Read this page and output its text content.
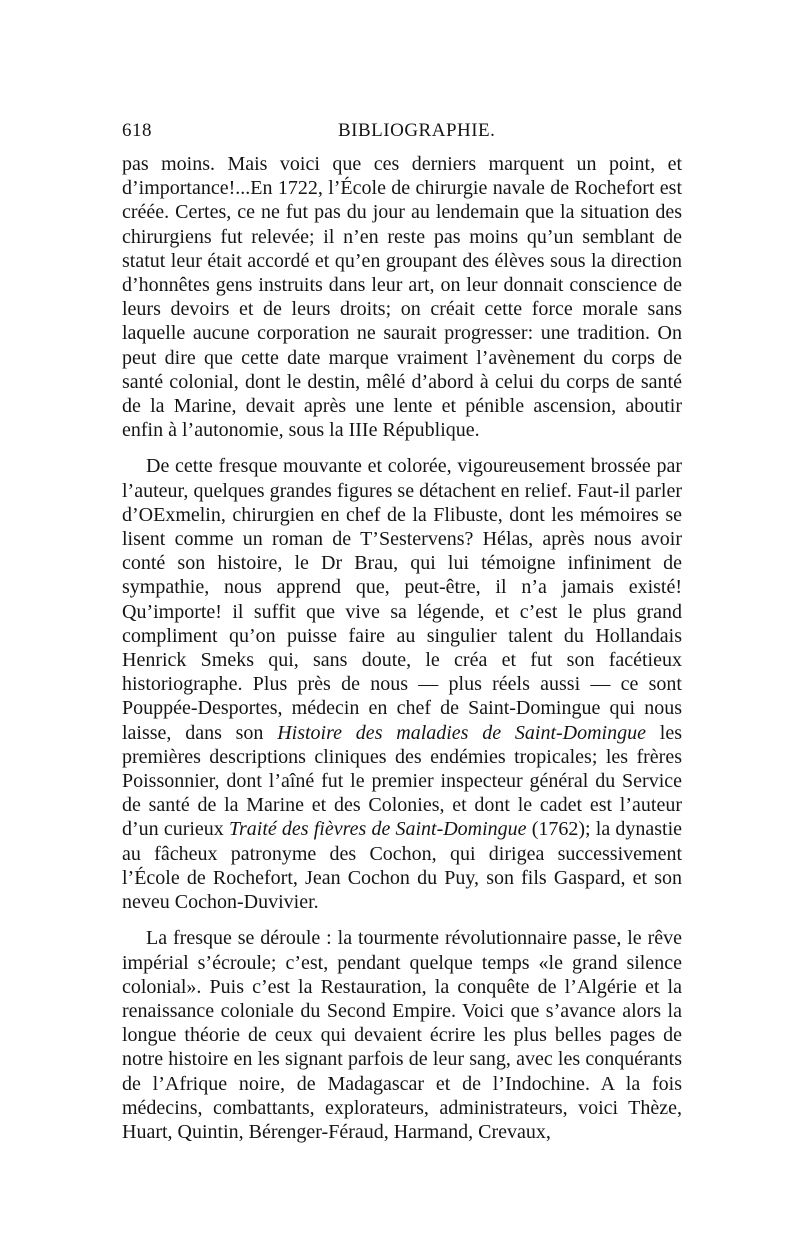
618	BIBLIOGRAPHIE.

pas moins. Mais voici que ces derniers marquent un point, et d’importance!...En 1722, l’École de chirurgie navale de Rochefort est créée. Certes, ce ne fut pas du jour au lendemain que la situation des chirurgiens fut relevée; il n’en reste pas moins qu’un semblant de statut leur était accordé et qu’en groupant des élèves sous la direction d’honnêtes gens instruits dans leur art, on leur donnait conscience de leurs devoirs et de leurs droits; on créait cette force morale sans laquelle aucune corporation ne saurait progresser: une tradition. On peut dire que cette date marque vraiment l’avènement du corps de santé colonial, dont le destin, mêlé d’abord à celui du corps de santé de la Marine, devait après une lente et pénible ascension, aboutir enfin à l’autonomie, sous la IIIe République.

De cette fresque mouvante et colorée, vigoureusement brossée par l’auteur, quelques grandes figures se détachent en relief. Faut-il parler d’OExmelin, chirurgien en chef de la Flibuste, dont les mémoires se lisent comme un roman de T’Sestervens? Hélas, après nous avoir conté son histoire, le Dr Brau, qui lui témoigne infiniment de sympathie, nous apprend que, peut-être, il n’a jamais existé! Qu’importe! il suffit que vive sa légende, et c’est le plus grand compliment qu’on puisse faire au singulier talent du Hollandais Henrick Smeks qui, sans doute, le créa et fut son facétieux historiographe. Plus près de nous — plus réels aussi — ce sont Pouppée-Desportes, médecin en chef de Saint-Domingue qui nous laisse, dans son Histoire des maladies de Saint-Domingue les premières descriptions cliniques des endémies tropicales; les frères Poissonnier, dont l’aîné fut le premier inspecteur général du Service de santé de la Marine et des Colonies, et dont le cadet est l’auteur d’un curieux Traité des fièvres de Saint-Domingue (1762); la dynastie au fâcheux patronyme des Cochon, qui dirigea successivement l’École de Rochefort, Jean Cochon du Puy, son fils Gaspard, et son neveu Cochon-Duvivier.

La fresque se déroule : la tourmente révolutionnaire passe, le rêve impérial s’écroule; c’est, pendant quelque temps «le grand silence colonial». Puis c’est la Restauration, la conquête de l’Algérie et la renaissance coloniale du Second Empire. Voici que s’avance alors la longue théorie de ceux qui devaient écrire les plus belles pages de notre histoire en les signant parfois de leur sang, avec les conquérants de l’Afrique noire, de Madagascar et de l’Indochine. A la fois médecins, combattants, explorateurs, administrateurs, voici Thèze, Huart, Quintin, Bérenger-Féraud, Harmand, Crevaux,
